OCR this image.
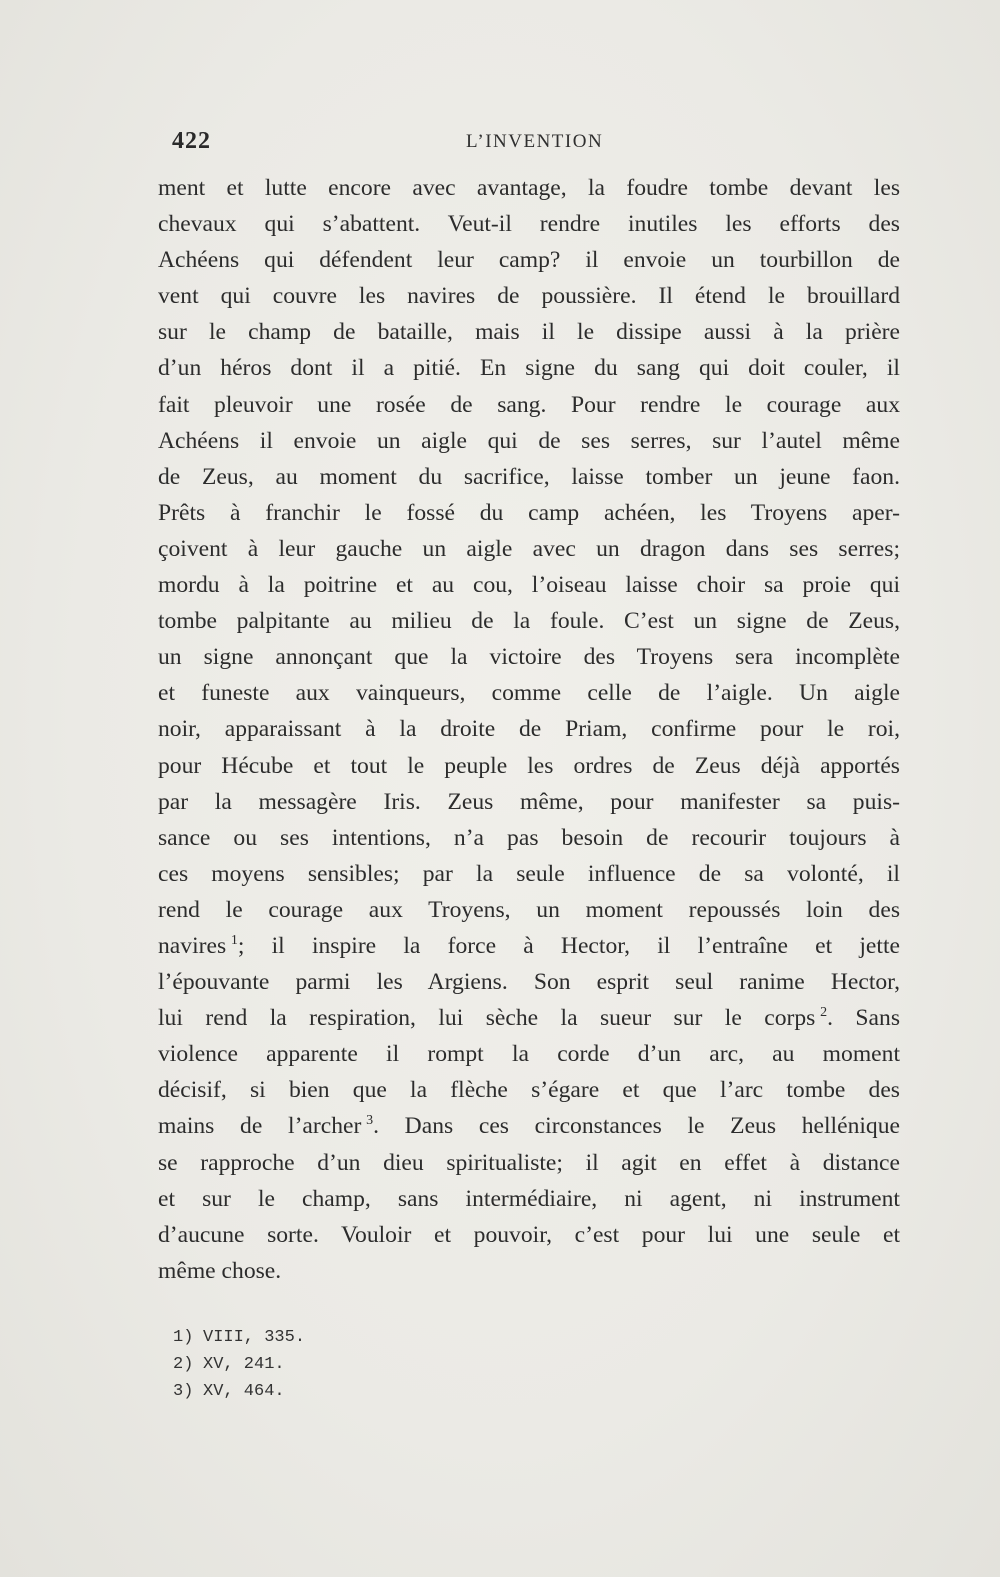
422	L’INVENTION
ment et lutte encore avec avantage, la foudre tombe devant les
chevaux qui s’abattent. Veut-il rendre inutiles les efforts des
Achéens qui défendent leur camp? il envoie un tourbillon de
vent qui couvre les navires de poussière. Il étend le brouillard
sur le champ de bataille, mais il le dissipe aussi à la prière
d’un héros dont il a pitié. En signe du sang qui doit couler, il
fait pleuvoir une rosée de sang. Pour rendre le courage aux
Achéens il envoie un aigle qui de ses serres, sur l’autel même
de Zeus, au moment du sacrifice, laisse tomber un jeune faon.
Prêts à franchir le fossé du camp achéen, les Troyens aper-
çoivent à leur gauche un aigle avec un dragon dans ses serres;
mordu à la poitrine et au cou, l’oiseau laisse choir sa proie qui
tombe palpitante au milieu de la foule. C’est un signe de Zeus,
un signe annonçant que la victoire des Troyens sera incomplète
et funeste aux vainqueurs, comme celle de l’aigle. Un aigle
noir, apparaissant à la droite de Priam, confirme pour le roi,
pour Hécube et tout le peuple les ordres de Zeus déjà apportés
par la messagère Iris. Zeus même, pour manifester sa puis-
sance ou ses intentions, n’a pas besoin de recourir toujours à
ces moyens sensibles; par la seule influence de sa volonté, il
rend le courage aux Troyens, un moment repoussés loin des
navires  $^1$; il inspire la force à Hector, il l’entraîne et jette
l’épouvante parmi les Argiens. Son esprit seul ranime Hector,
lui rend la respiration, lui sèche la sueur sur le corps  $^2$. Sans
violence apparente il rompt la corde d’un arc, au moment
décisif, si bien que la flèche s’égare et que l’arc tombe des
mains de l’archer  $^3$. Dans ces circonstances le Zeus hellénique
se rapproche d’un dieu spiritualiste; il agit en effet à distance
et sur le champ, sans intermédiaire, ni agent, ni instrument
d’aucune sorte. Vouloir et pouvoir, c’est pour lui une seule et
même chose.
1) VIII, 335.
2) XV, 241.
3) XV, 464.
